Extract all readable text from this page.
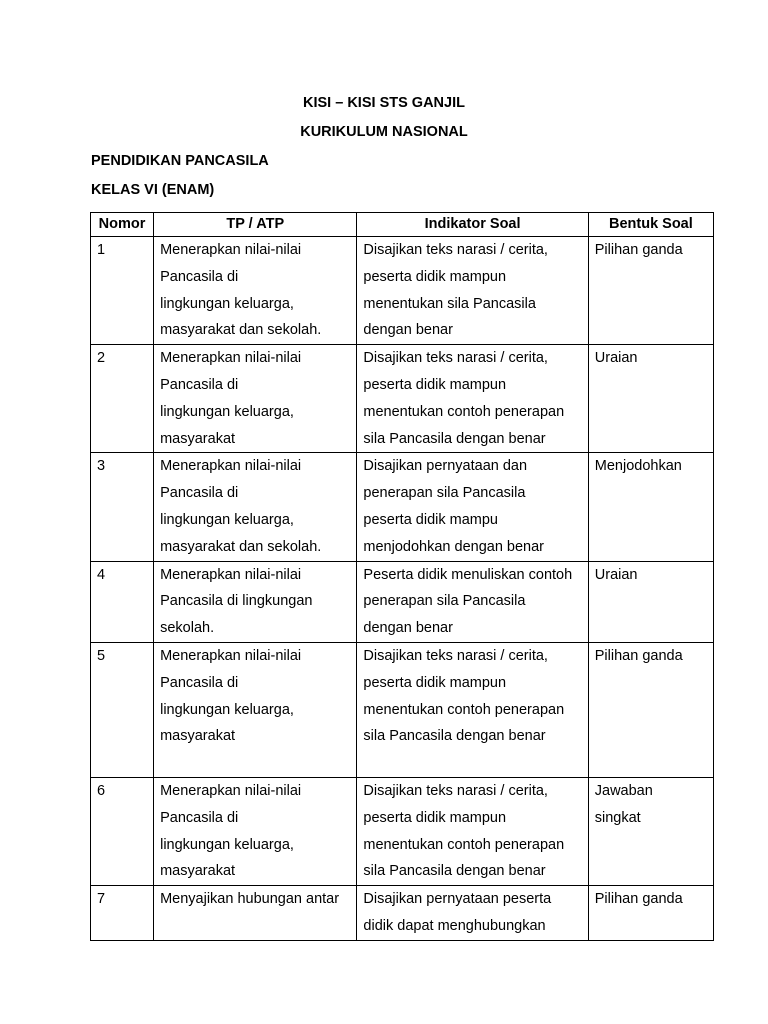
KISI – KISI STS GANJIL
KURIKULUM NASIONAL
PENDIDIKAN PANCASILA
KELAS VI (ENAM)
Nomor	TP / ATP	Indikator Soal	Bentuk Soal
1	Menerapkan nilai-nilai
Pancasila di
lingkungan keluarga,
masyarakat dan sekolah.	Disajikan teks narasi / cerita,
peserta didik mampun
menentukan sila Pancasila
dengan benar	Pilihan ganda

2	Menerapkan nilai-nilai
Pancasila di
lingkungan keluarga,
masyarakat	Disajikan teks narasi / cerita,
peserta didik mampun
menentukan contoh penerapan
sila Pancasila dengan benar	Uraian

3	Menerapkan nilai-nilai
Pancasila di
lingkungan keluarga,
masyarakat dan sekolah.	Disajikan pernyataan dan
penerapan sila Pancasila
peserta didik mampu
menjodohkan dengan benar	Menjodohkan

4	Menerapkan nilai-nilai
Pancasila di lingkungan
sekolah.	Peserta didik menuliskan contoh
penerapan sila Pancasila
dengan benar	Uraian

5	Menerapkan nilai-nilai
Pancasila di
lingkungan keluarga,
masyarakat	Disajikan teks narasi / cerita,
peserta didik mampun
menentukan contoh penerapan
sila Pancasila dengan benar	Pilihan ganda

6	Menerapkan nilai-nilai
Pancasila di
lingkungan keluarga,
masyarakat	Disajikan teks narasi / cerita,
peserta didik mampun
menentukan contoh penerapan
sila Pancasila dengan benar	Jawaban
singkat

7	Menyajikan hubungan antar	Disajikan pernyataan peserta
didik dapat menghubungkan	Pilihan ganda
